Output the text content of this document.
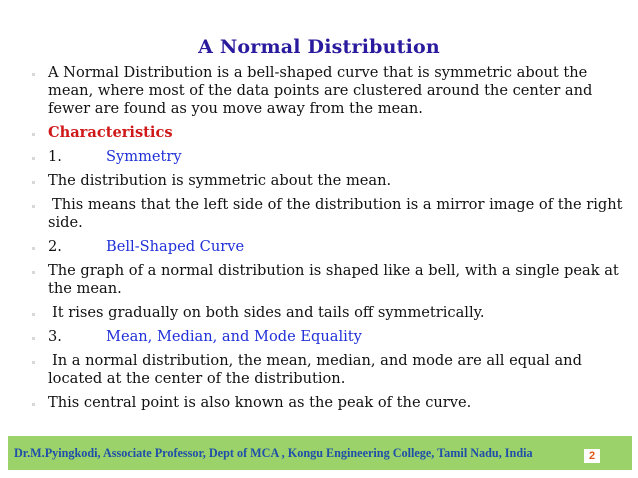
A Normal Distribution
A Normal Distribution is a bell-shaped curve that is symmetric about the mean, where most of the data points are clustered around the center and fewer are found as you move away from the mean.
Characteristics
1.	Symmetry
The distribution is symmetric about the mean.
This means that the left side of the distribution is a mirror image of the right side.
2.	Bell-Shaped Curve
The graph of a normal distribution is shaped like a bell, with a single peak at the mean.
It rises gradually on both sides and tails off symmetrically.
3.	Mean, Median, and Mode Equality
In a normal distribution, the mean, median, and mode are all equal and located at the center of the distribution.
This central point is also known as the peak of the curve.
Dr.M.Pyingkodi, Associate Professor, Dept of MCA , Kongu Engineering College, Tamil Nadu, India	2
